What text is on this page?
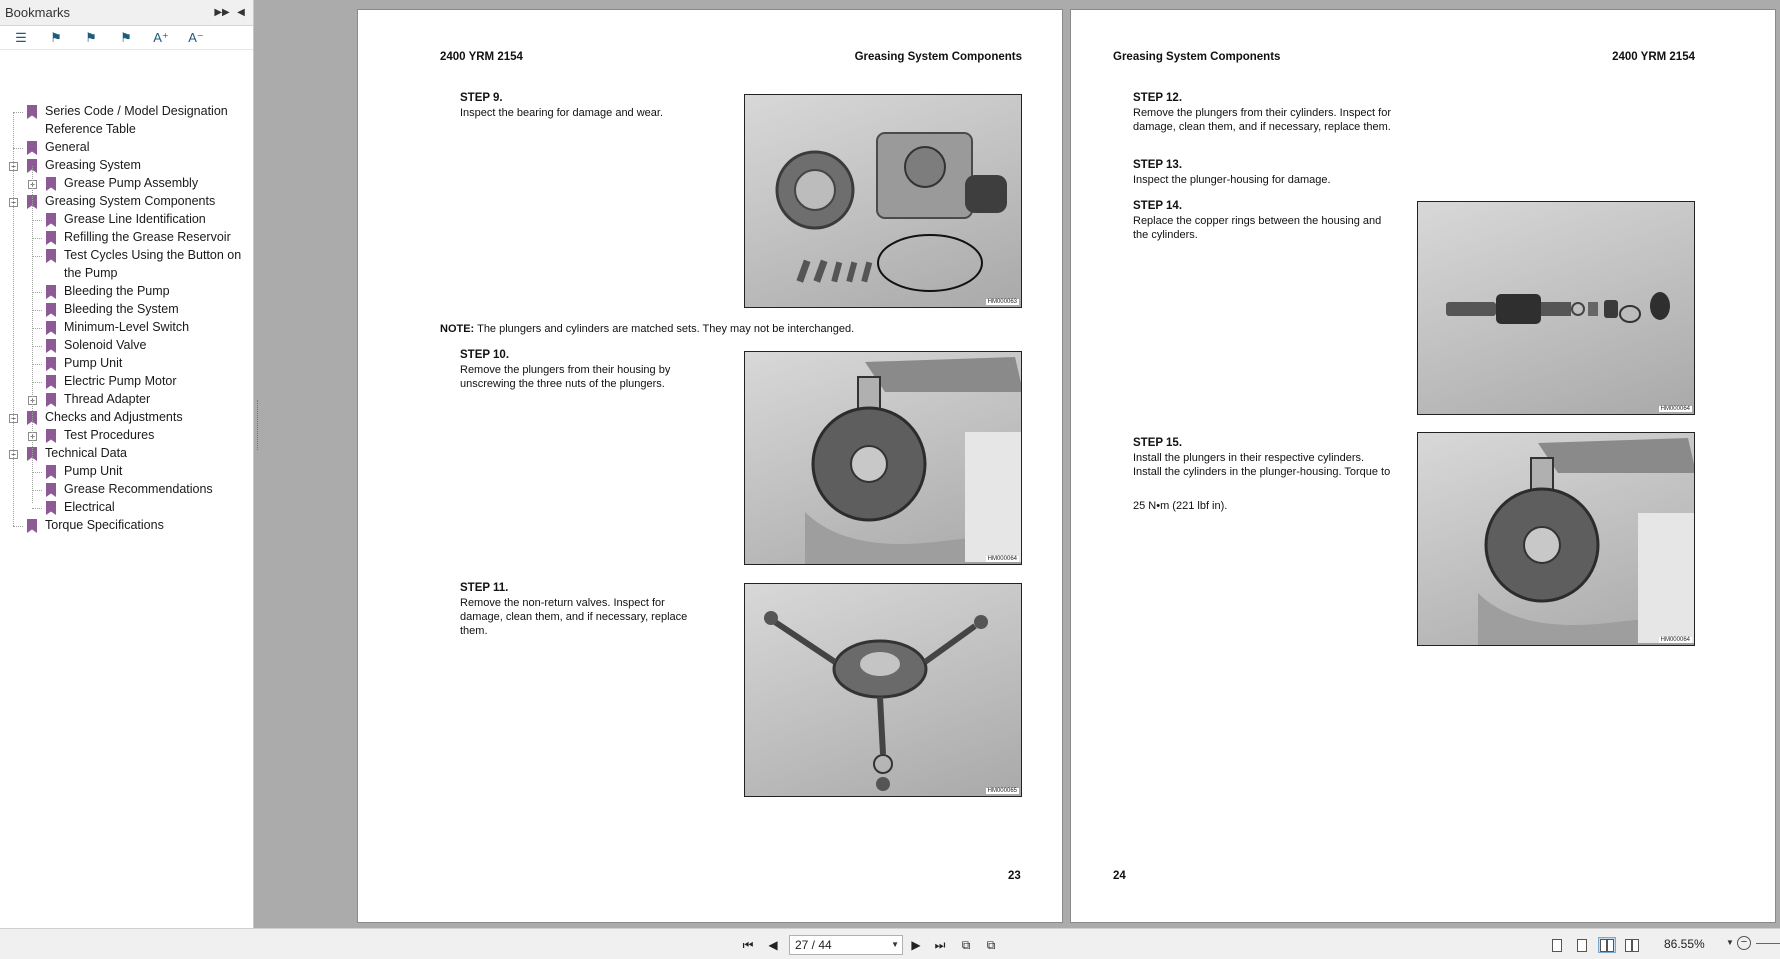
Bookmarks	▶▶ ◀
☰	⚑	⚑	⚑	A⁺	A⁻
Series Code / Model Designation
Reference Table
General
− Greasing System
+ Grease Pump Assembly
− Greasing System Components
Grease Line Identification
Refilling the Grease Reservoir
Test Cycles Using the Button on
the Pump
Bleeding the Pump
Bleeding the System
Minimum-Level Switch
Solenoid Valve
Pump Unit
Electric Pump Motor
+ Thread Adapter
− Checks and Adjustments
+ Test Procedures
− Technical Data
Pump Unit
Grease Recommendations
Electrical
Torque Specifications
2400 YRM 2154	Greasing System Components
STEP 9.
Inspect the bearing for damage and wear.
HM000063
NOTE: The plungers and cylinders are matched sets. They may not be interchanged.
STEP 10.
Remove the plungers from their housing by unscrewing the three nuts of the plungers.
HM000064
STEP 11.
Remove the non-return valves. Inspect for damage, clean them, and if necessary, replace them.
HM000065
23
Greasing System Components	2400 YRM 2154
STEP 12.
Remove the plungers from their cylinders. Inspect for damage, clean them, and if necessary, replace them.
STEP 13.
Inspect the plunger-housing for damage.
STEP 14.
Replace the copper rings between the housing and the cylinders.
HM000064
STEP 15.
Install the plungers in their respective cylinders. Install the cylinders in the plunger-housing. Torque to
25 N•m (221 lbf in).
HM000064
24
⏮ ◀	27 / 44	▼ ▶ ⏭	⧉	⧉	86.55%	▼ −
